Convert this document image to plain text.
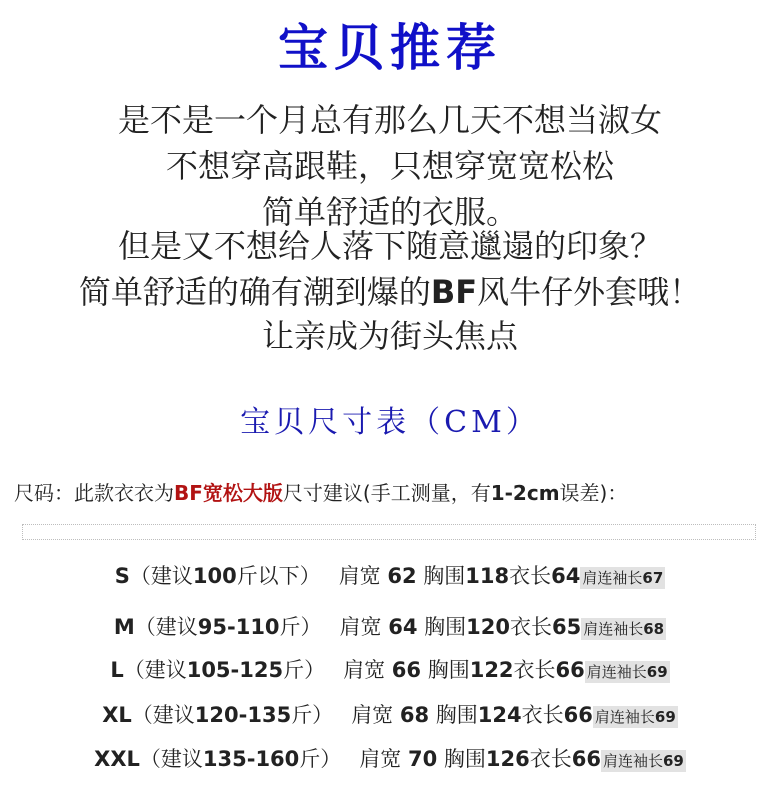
宝贝推荐
是不是一个月总有那么几天不想当淑女
不想穿高跟鞋，只想穿宽宽松松
简单舒适的衣服。
但是又不想给人落下随意邋遢的印象？
简单舒适的确有潮到爆的BF风牛仔外套哦！
让亲成为街头焦点
宝贝尺寸表（CM）
尺码：此款衣衣为BF宽松大版尺寸建议(手工测量，有1-2cm误差)：
S（建议100斤以下） 肩宽 62 胸围118衣长64 肩连袖长67
M（建议95-110斤） 肩宽 64 胸围120衣长65 肩连袖长68
L（建议105-125斤） 肩宽 66 胸围122衣长66 肩连袖长69
XL（建议120-135斤） 肩宽 68 胸围124衣长66 肩连袖长69
XXL（建议135-160斤） 肩宽 70 胸围126衣长66 肩连袖长69
